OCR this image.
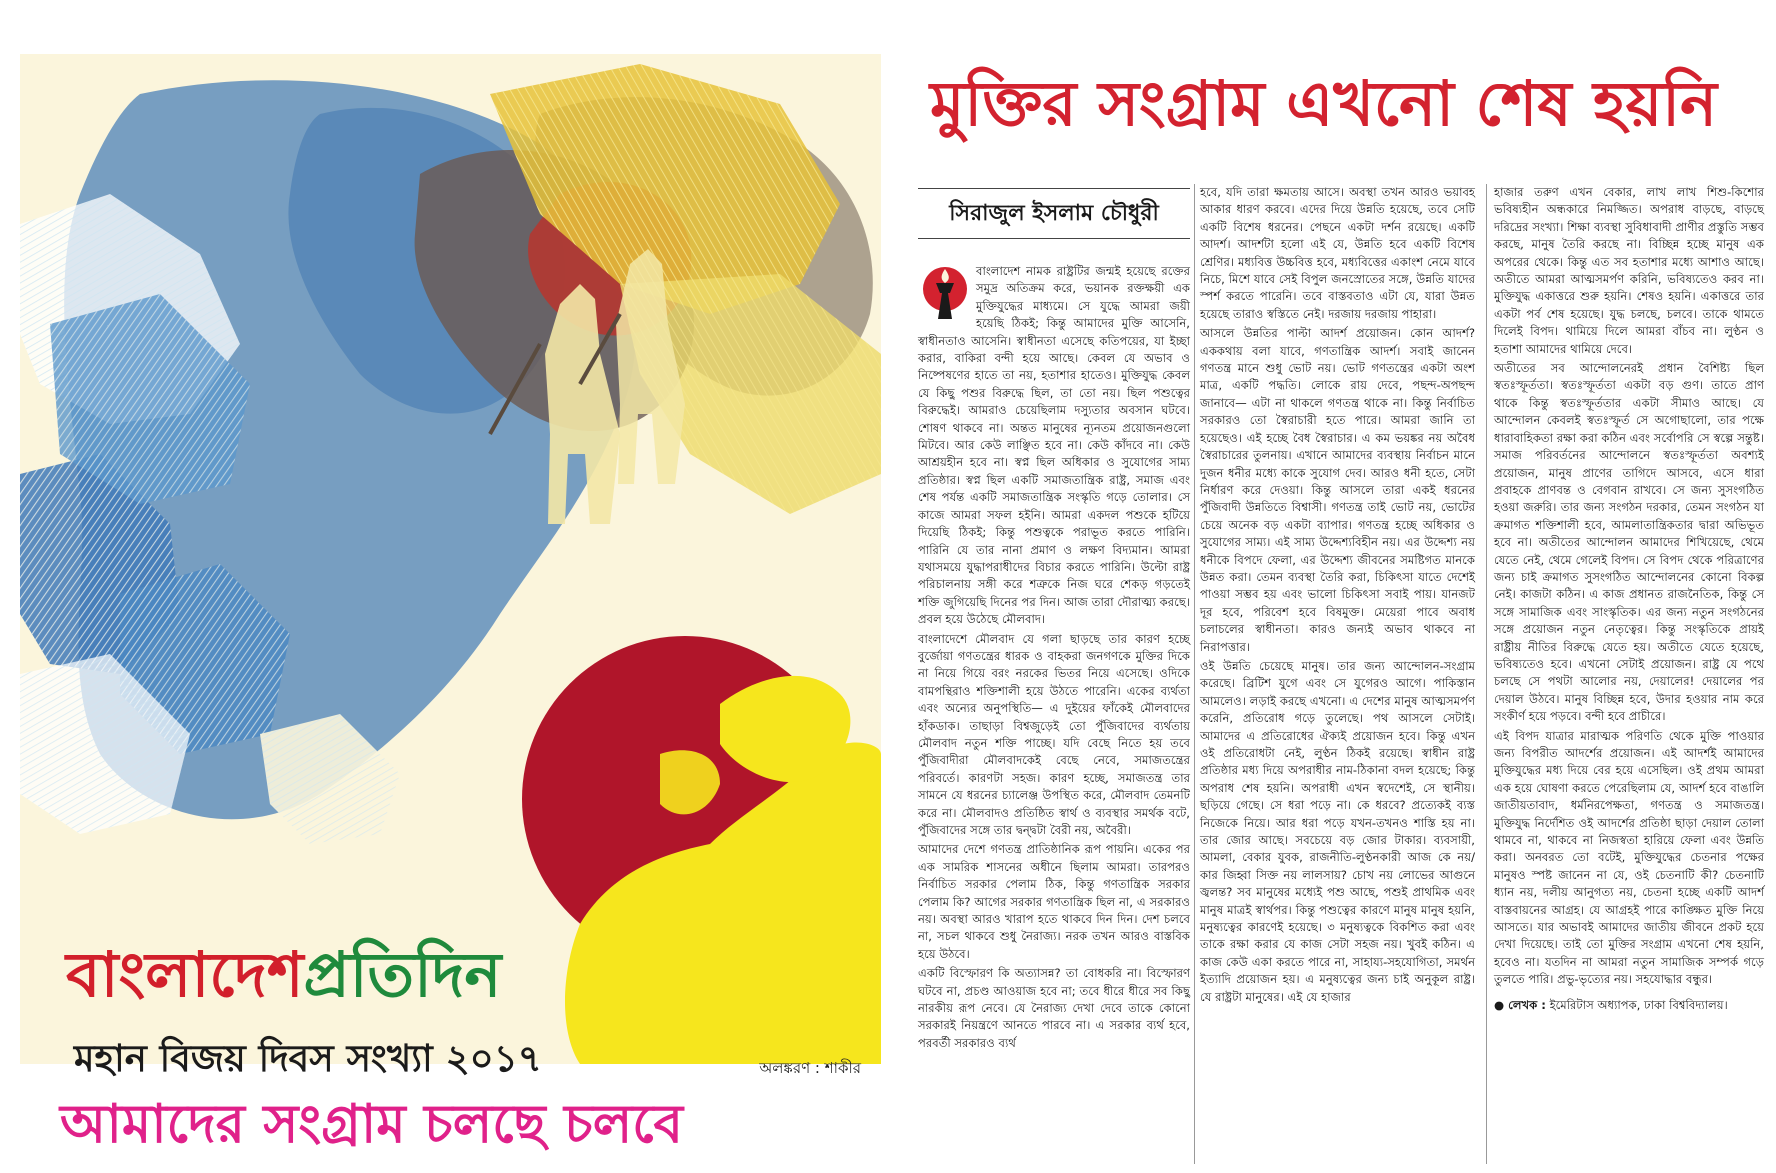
বাংলাদেশপ্রতিদিন
মহান বিজয় দিবস সংখ্যা ২০১৭	অলঙ্করণ : শাকীর
আমাদের সংগ্রাম চলছে চলবে
মুক্তির সংগ্রাম এখনো শেষ হয়নি
সিরাজুল ইসলাম চৌধুরী

বাংলাদেশ নামক রাষ্ট্রটির জন্মই হয়েছে রক্তের সমুদ্র অতিক্রম করে, ভয়ানক রক্তক্ষয়ী এক মুক্তিযুদ্ধের মাধ্যমে। সে যুদ্ধে আমরা জয়ী হয়েছি ঠিকই; কিন্তু আমাদের মুক্তি আসেনি, স্বাধীনতাও আসেনি। স্বাধীনতা এসেছে কতিপয়ের, যা ইচ্ছা করার, বাকিরা বন্দী হয়ে আছে। কেবল যে অভাব ও নিষ্পেষণের হাতে তা নয়, হতাশার হাতেও। মুক্তিযুদ্ধ কেবল যে কিছু পশুর বিরুদ্ধে ছিল, তা তো নয়। ছিল পশুত্বের বিরুদ্ধেই। আমরাও চেয়েছিলাম দস্যুতার অবসান ঘটবে। শোষণ থাকবে না। অন্তত মানুষের ন্যূনতম প্রয়োজনগুলো মিটবে। আর কেউ লাঞ্ছিত হবে না। কেউ কাঁদবে না। কেউ আশ্রয়হীন হবে না। স্বপ্ন ছিল অধিকার ও সুযোগের সাম্য প্রতিষ্ঠার। স্বপ্ন ছিল একটি সমাজতান্ত্রিক রাষ্ট্র, সমাজ এবং শেষ পর্যন্ত একটি সমাজতান্ত্রিক সংস্কৃতি গড়ে তোলার। সে কাজে আমরা সফল হইনি। আমরা একদল পশুকে হটিয়ে দিয়েছি ঠিকই; কিন্তু পশুত্বকে পরাভূত করতে পারিনি। পারিনি যে তার নানা প্রমাণ ও লক্ষণ বিদ্যমান। আমরা যথাসময়ে যুদ্ধাপরাধীদের বিচার করতে পারিনি। উল্টো রাষ্ট্র পরিচালনায় সঙ্গী করে শত্রুকে নিজ ঘরে শেকড় গড়তেই শক্তি জুগিয়েছি দিনের পর দিন। আজ তারা দৌরাত্ম্য করছে। প্রবল হয়ে উঠেছে মৌলবাদ।

বাংলাদেশে মৌলবাদ যে গলা ছাড়ছে তার কারণ হচ্ছে বুর্জোয়া গণতন্ত্রের ধারক ও বাহকরা জনগণকে মুক্তির দিকে না নিয়ে গিয়ে বরং নরকের ভিতর নিয়ে এসেছে। ওদিকে বামপন্থিরাও শক্তিশালী হয়ে উঠতে পারেনি। একের ব্যর্থতা এবং অন্যের অনুপস্থিতি— এ দুইয়ের ফাঁকেই মৌলবাদের হাঁকডাক। তাছাড়া বিশ্বজুড়েই তো পুঁজিবাদের ব্যর্থতায় মৌলবাদ নতুন শক্তি পাচ্ছে। যদি বেছে নিতে হয় তবে পুঁজিবাদীরা মৌলবাদকেই বেছে নেবে, সমাজতন্ত্রের পরিবর্তে। কারণটা সহজ। কারণ হচ্ছে, সমাজতন্ত্র তার সামনে যে ধরনের চ্যালেঞ্জ উপস্থিত করে, মৌলবাদ তেমনটি করে না। মৌলবাদও প্রতিষ্ঠিত স্বার্থ ও ব্যবস্থার সমর্থক বটে, পুঁজিবাদের সঙ্গে তার দ্বন্দ্বটা বৈরী নয়, অবৈরী।

আমাদের দেশে গণতন্ত্র প্রাতিষ্ঠানিক রূপ পায়নি। একের পর এক সামরিক শাসনের অধীনে ছিলাম আমরা। তারপরও নির্বাচিত সরকার পেলাম ঠিক, কিন্তু গণতান্ত্রিক সরকার পেলাম কি? আগের সরকার গণতান্ত্রিক ছিল না, এ সরকারও নয়। অবস্থা আরও খারাপ হতে থাকবে দিন দিন। দেশ চলবে না, সচল থাকবে শুধু নৈরাজ্য। নরক তখন আরও বাস্তবিক হয়ে উঠবে।

একটি বিস্ফোরণ কি অত্যাসন্ন? তা বোধকরি না। বিস্ফোরণ ঘটবে না, প্রচণ্ড আওয়াজ হবে না; তবে ধীরে ধীরে সব কিছু নারকীয় রূপ নেবে। যে নৈরাজ্য দেখা দেবে তাকে কোনো সরকারই নিয়ন্ত্রণে আনতে পারবে না। এ সরকার ব্যর্থ হবে, পরবর্তী সরকারও ব্যর্থ

হবে, যদি তারা ক্ষমতায় আসে। অবস্থা তখন আরও ভয়াবহ আকার ধারণ করবে। এদের দিয়ে উন্নতি হয়েছে, তবে সেটি একটি বিশেষ ধরনের। পেছনে একটা দর্শন রয়েছে। একটি আদর্শ। আদর্শটা হলো এই যে, উন্নতি হবে একটি বিশেষ শ্রেণির। মধ্যবিত্ত উচ্চবিত্ত হবে, মধ্যবিত্তের একাংশ নেমে যাবে নিচে, মিশে যাবে সেই বিপুল জনস্রোতের সঙ্গে, উন্নতি যাদের স্পর্শ করতে পারেনি। তবে বাস্তবতাও এটা যে, যারা উন্নত হয়েছে তারাও স্বস্তিতে নেই। দরজায় দরজায় পাহারা।

আসলে উন্নতির পাল্টা আদর্শ প্রয়োজন। কোন আদর্শ? এককথায় বলা যাবে, গণতান্ত্রিক আদর্শ। সবাই জানেন গণতন্ত্র মানে শুধু ভোট নয়। ভোট গণতন্ত্রের একটা অংশ মাত্র, একটি পদ্ধতি। লোকে রায় দেবে, পছন্দ-অপছন্দ জানাবে— এটা না থাকলে গণতন্ত্র থাকে না। কিন্তু নির্বাচিত সরকারও তো স্বৈরাচারী হতে পারে। আমরা জানি তা হয়েছেও। এই হচ্ছে বৈধ স্বৈরাচার। এ কম ভয়ঙ্কর নয় অবৈধ স্বৈরাচারের তুলনায়। এখানে আমাদের ব্যবস্থায় নির্বাচন মানে দুজন ধনীর মধ্যে কাকে সুযোগ দেব। আরও ধনী হতে, সেটা নির্ধারণ করে দেওয়া। কিন্তু আসলে তারা একই ধরনের পুঁজিবাদী উন্নতিতে বিশ্বাসী। গণতন্ত্র তাই ভোট নয়, ভোটের চেয়ে অনেক বড় একটা ব্যাপার। গণতন্ত্র হচ্ছে অধিকার ও সুযোগের সাম্য। এই সাম্য উদ্দেশ্যবিহীন নয়। এর উদ্দেশ্য নয় ধনীকে বিপদে ফেলা, এর উদ্দেশ্য জীবনের সমষ্টিগত মানকে উন্নত করা। তেমন ব্যবস্থা তৈরি করা, চিকিৎসা যাতে দেশেই পাওয়া সম্ভব হয় এবং ভালো চিকিৎসা সবাই পায়। যানজট দূর হবে, পরিবেশ হবে বিষমুক্ত। মেয়েরা পাবে অবাধ চলাচলের স্বাধীনতা। কারও জন্যই অভাব থাকবে না নিরাপত্তার।

ওই উন্নতি চেয়েছে মানুষ। তার জন্য আন্দোলন-সংগ্রাম করেছে। ব্রিটিশ যুগে এবং সে যুগেরও আগে। পাকিস্তান আমলেও। লড়াই করছে এখনো। এ দেশের মানুষ আত্মসমর্পণ করেনি, প্রতিরোধ গড়ে তুলেছে। পথ আসলে সেটাই। আমাদের এ প্রতিরোধের ঐক্যই প্রয়োজন হবে। কিন্তু এখন ওই প্রতিরোধটা নেই, লুণ্ঠন ঠিকই রয়েছে। স্বাধীন রাষ্ট্র প্রতিষ্ঠার মধ্য দিয়ে অপরাধীর নাম-ঠিকানা বদল হয়েছে; কিন্তু অপরাধ শেষ হয়নি। অপরাধী এখন স্বদেশেই, সে স্থানীয়। ছড়িয়ে গেছে। সে ধরা পড়ে না। কে ধরবে? প্রত্যেকই ব্যস্ত নিজেকে নিয়ে। আর ধরা পড়ে যখন-তখনও শাস্তি হয় না। তার জোর আছে। সবচেয়ে বড় জোর টাকার। ব্যবসায়ী, আমলা, বেকার যুবক, রাজনীতি-লুণ্ঠনকারী আজ কে নয়/কার জিহ্বা সিক্ত নয় লালসায়? চোখ নয় লোভের আগুনে জ্বলন্ত? সব মানুষের মধ্যেই পশু আছে, পশুই প্রাথমিক এবং মানুষ মাত্রই স্বার্থপর। কিন্তু পশুত্বের কারণে মানুষ মানুষ হয়নি, মনুষ্যত্বের কারণেই হয়েছে। ৩ মনুষ্যত্বকে বিকশিত করা এবং তাকে রক্ষা করার যে কাজ সেটা সহজ নয়। খুবই কঠিন। এ কাজ কেউ একা করতে পারে না, সাহায্য-সহযোগিতা, সমর্থন ইত্যাদি প্রয়োজন হয়। এ মনুষ্যত্বের জন্য চাই অনুকূল রাষ্ট্র। যে রাষ্ট্রটা মানুষের। এই যে হাজার

হাজার তরুণ এখন বেকার, লাখ লাখ শিশু-কিশোর ভবিষ্যহীন অন্ধকারে নিমজ্জিত। অপরাধ বাড়ছে, বাড়ছে দরিদ্রের সংখ্যা। শিক্ষা ব্যবস্থা সুবিধাবাদী প্রাণীর প্রস্তুতি সম্ভব করছে, মানুষ তৈরি করছে না। বিচ্ছিন্ন হচ্ছে মানুষ এক অপরের থেকে। কিন্তু এত সব হতাশার মধ্যে আশাও আছে। অতীতে আমরা আত্মসমর্পণ করিনি, ভবিষ্যতেও করব না। মুক্তিযুদ্ধ একাত্তরে শুরু হয়নি। শেষও হয়নি। একাত্তরে তার একটা পর্ব শেষ হয়েছে। যুদ্ধ চলছে, চলবে। তাকে থামতে দিলেই বিপদ। থামিয়ে দিলে আমরা বাঁচব না। লুণ্ঠন ও হতাশা আমাদের থামিয়ে দেবে।

অতীতের সব আন্দোলনেরই প্রধান বৈশিষ্ট্য ছিল স্বতঃস্ফূর্ততা। স্বতঃস্ফূর্ততা একটা বড় গুণ। তাতে প্রাণ থাকে কিন্তু স্বতঃস্ফূর্ততার একটা সীমাও আছে। যে আন্দোলন কেবলই স্বতঃস্ফূর্ত সে অগোছালো, তার পক্ষে ধারাবাহিকতা রক্ষা করা কঠিন এবং সর্বোপরি সে স্বল্পে সন্তুষ্ট। সমাজ পরিবর্তনের আন্দোলনে স্বতঃস্ফূর্ততা অবশ্যই প্রয়োজন, মানুষ প্রাণের তাগিদে আসবে, এসে ধারা প্রবাহকে প্রাণবন্ত ও বেগবান রাখবে। সে জন্য সুসংগঠিত হওয়া জরুরি। তার জন্য সংগঠন দরকার, তেমন সংগঠন যা ক্রমাগত শক্তিশালী হবে, আমলাতান্ত্রিকতার দ্বারা অভিভূত হবে না। অতীতের আন্দোলন আমাদের শিখিয়েছে, থেমে যেতে নেই, থেমে গেলেই বিপদ। সে বিপদ থেকে পরিত্রাণের জন্য চাই ক্রমাগত সুসংগঠিত আন্দোলনের কোনো বিকল্প নেই। কাজটা কঠিন। এ কাজ প্রধানত রাজনৈতিক, কিন্তু সে সঙ্গে সামাজিক এবং সাংস্কৃতিক। এর জন্য নতুন সংগঠনের সঙ্গে প্রয়োজন নতুন নেতৃত্বের। কিন্তু সংস্কৃতিকে প্রায়ই রাষ্ট্রীয় নীতির বিরুদ্ধে যেতে হয়। অতীতে যেতে হয়েছে, ভবিষ্যতেও হবে। এখনো সেটাই প্রয়োজন। রাষ্ট্র যে পথে চলছে সে পথটা আলোর নয়, দেয়ালের! দেয়ালের পর দেয়াল উঠবে। মানুষ বিচ্ছিন্ন হবে, উদার হওয়ার নাম করে সংকীর্ণ হয়ে পড়বে। বন্দী হবে প্রাচীরে।

এই বিপদ যাত্রার মারাত্মক পরিণতি থেকে মুক্তি পাওয়ার জন্য বিপরীত আদর্শের প্রয়োজন। এই আদর্শই আমাদের মুক্তিযুদ্ধের মধ্য দিয়ে বের হয়ে এসেছিল। ওই প্রথম আমরা এক হয়ে ঘোষণা করতে পেরেছিলাম যে, আদর্শ হবে বাঙালি জাতীয়তাবাদ, ধর্মনিরপেক্ষতা, গণতন্ত্র ও সমাজতন্ত্র। মুক্তিযুদ্ধ নির্দেশিত ওই আদর্শের প্রতিষ্ঠা ছাড়া দেয়াল তোলা থামবে না, থাকবে না নিজস্বতা হারিয়ে ফেলা এবং উন্নতি করা। অনবরত তো বটেই, মুক্তিযুদ্ধের চেতনার পক্ষের মানুষও স্পষ্ট জানেন না যে, ওই চেতনাটি কী? চেতনাটি ধ্যান নয়, দলীয় আনুগত্য নয়, চেতনা হচ্ছে একটি আদর্শ বাস্তবায়নের আগ্রহ। যে আগ্রহই পারে কাঙ্ক্ষিত মুক্তি নিয়ে আসতে। যার অভাবই আমাদের জাতীয় জীবনে প্রকট হয়ে দেখা দিয়েছে। তাই তো মুক্তির সংগ্রাম এখনো শেষ হয়নি, হবেও না। যতদিন না আমরা নতুন সামাজিক সম্পর্ক গড়ে তুলতে পারি। প্রভু-ভৃত্যের নয়। সহযোদ্ধার বন্ধুর।

● লেখক : ইমেরিটাস অধ্যাপক, ঢাকা বিশ্ববিদ্যালয়।
